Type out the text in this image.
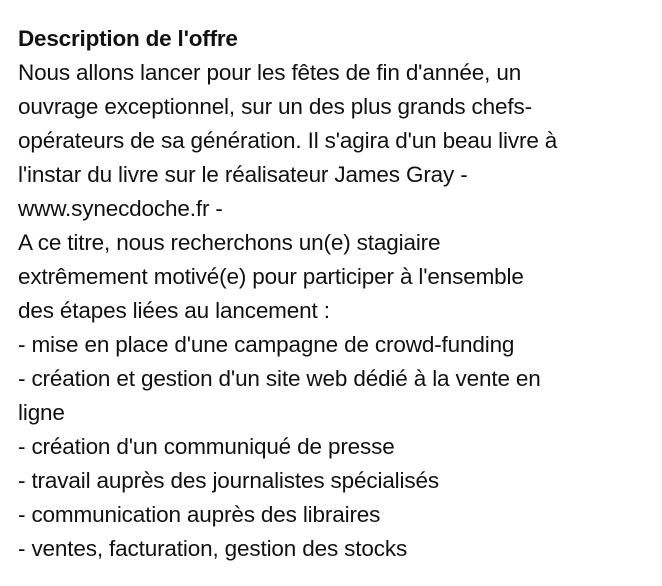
Description de l'offre

Nous allons lancer pour les fêtes de fin d'année, un
ouvrage exceptionnel, sur un des plus grands chefs-
opérateurs de sa génération. Il s'agira d'un beau livre à
l'instar du livre sur le réalisateur James Gray -
www.synecdoche.fr -
A ce titre, nous recherchons un(e) stagiaire
extrêmement motivé(e) pour participer à l'ensemble
des étapes liées au lancement :
- mise en place d'une campagne de crowd-funding
- création et gestion d'un site web dédié à la vente en
ligne
- création d'un communiqué de presse
- travail auprès des journalistes spécialisés
- communication auprès des libraires
- ventes, facturation, gestion des stocks
